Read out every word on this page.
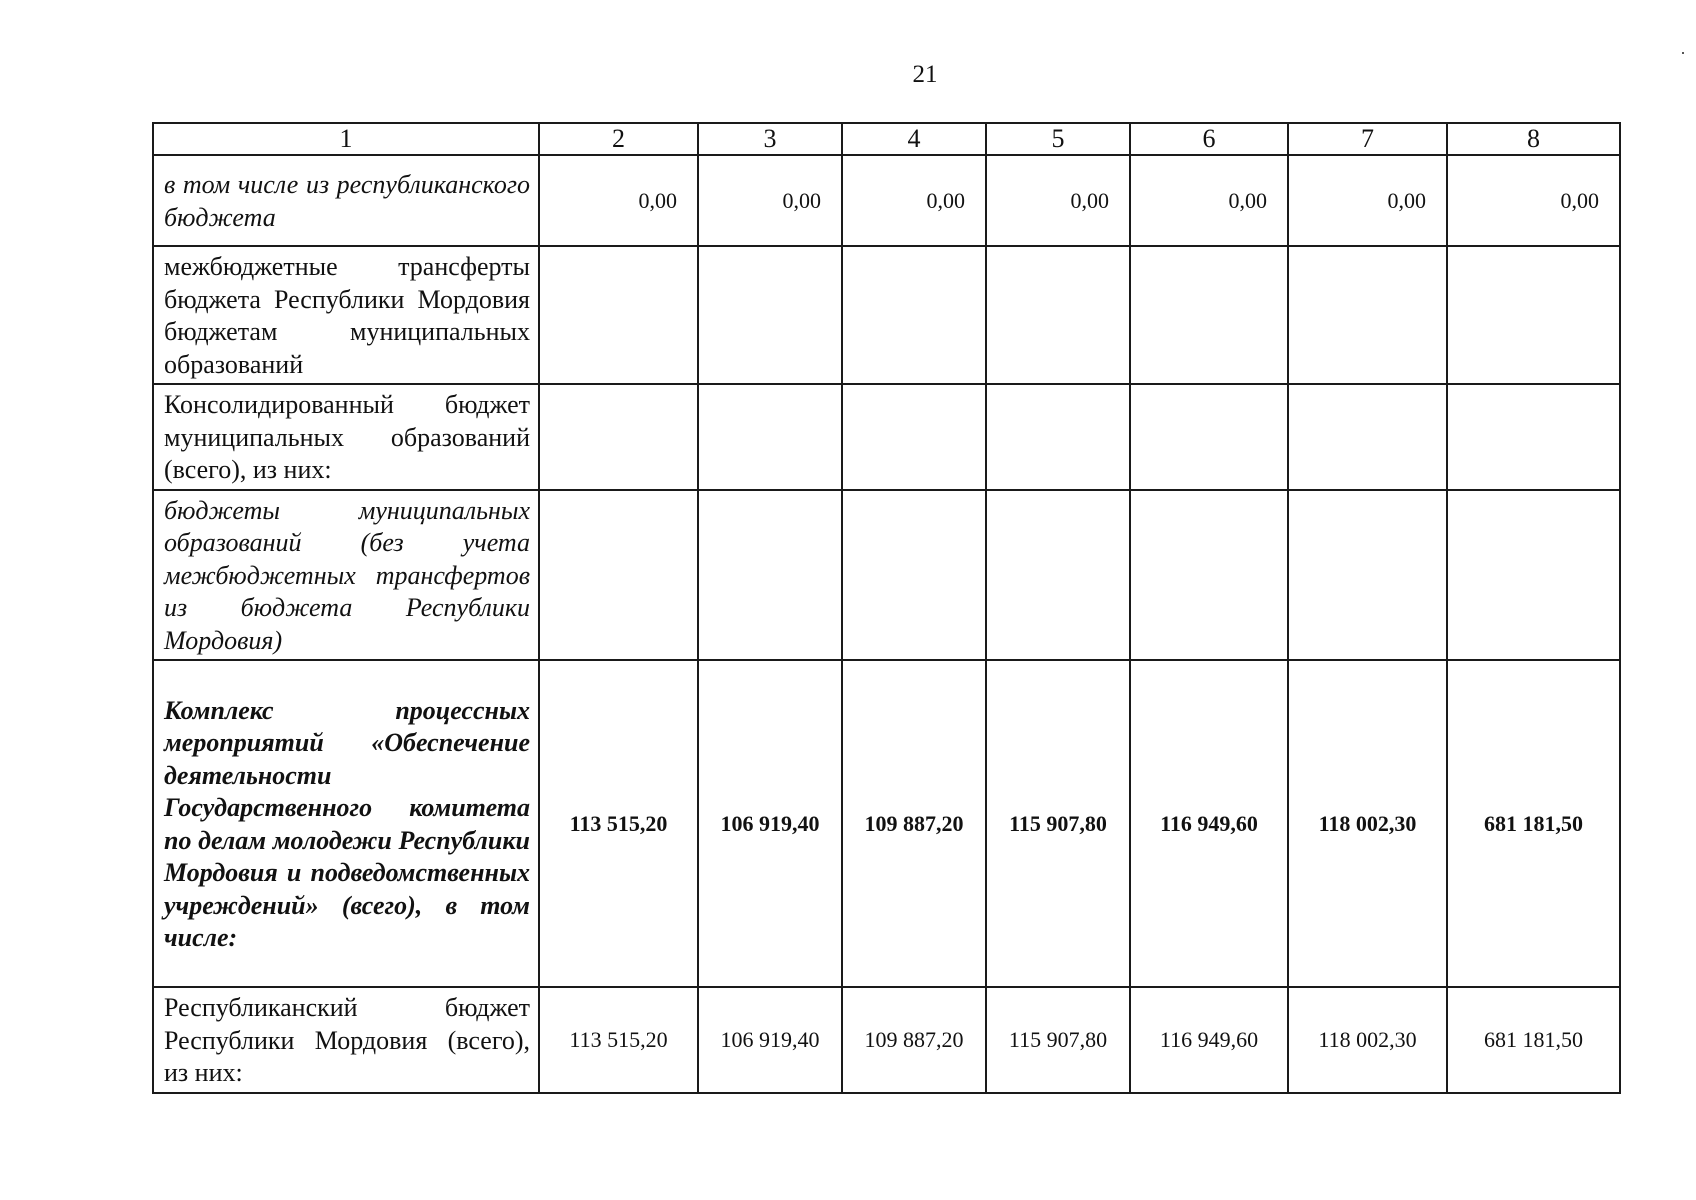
21
1	2	3	4	5	6	7	8
в том числе из республиканского бюджета	0,00	0,00	0,00	0,00	0,00	0,00	0,00
межбюджетные трансферты бюджета Республики Мордовия бюджетам муниципальных образований							
Консолидированный бюджет муниципальных образований (всего), из них:							
бюджеты муниципальных образований (без учета межбюджетных трансфертов из бюджета Республики Мордовия)							
Комплекс процессных мероприятий «Обеспечение деятельности Государственного комитета по делам молодежи Республики Мордовия и подведомственных учреждений» (всего), в том числе:	113 515,20	106 919,40	109 887,20	115 907,80	116 949,60	118 002,30	681 181,50
Республиканский бюджет Республики Мордовия (всего), из них:	113 515,20	106 919,40	109 887,20	115 907,80	116 949,60	118 002,30	681 181,50
